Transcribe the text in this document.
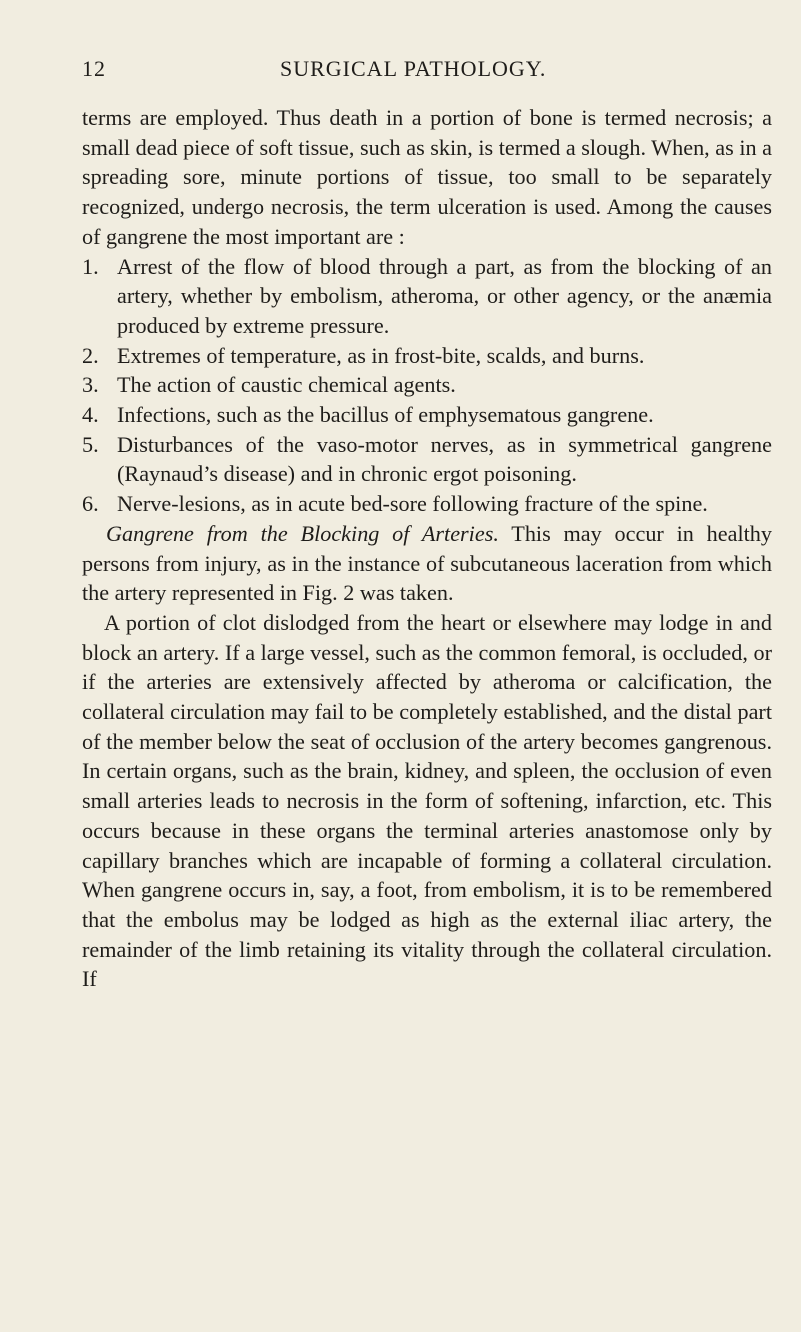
12	SURGICAL PATHOLOGY.

terms are employed. Thus death in a portion of bone is termed necrosis; a small dead piece of soft tissue, such as skin, is termed a slough. When, as in a spreading sore, minute portions of tissue, too small to be separately recognized, undergo necrosis, the term ulceration is used. Among the causes of gangrene the most important are :

1. Arrest of the flow of blood through a part, as from the blocking of an artery, whether by embolism, atheroma, or other agency, or the anæmia produced by extreme pressure.
2. Extremes of temperature, as in frost-bite, scalds, and burns.
3. The action of caustic chemical agents.
4. Infections, such as the bacillus of emphysematous gangrene.
5. Disturbances of the vaso-motor nerves, as in symmetrical gangrene (Raynaud’s disease) and in chronic ergot poisoning.
6. Nerve-lesions, as in acute bed-sore following fracture of the spine.

Gangrene from the Blocking of Arteries. This may occur in healthy persons from injury, as in the instance of subcutaneous laceration from which the artery represented in Fig. 2 was taken.

A portion of clot dislodged from the heart or elsewhere may lodge in and block an artery. If a large vessel, such as the common femoral, is occluded, or if the arteries are extensively affected by atheroma or calcification, the collateral circulation may fail to be completely established, and the distal part of the member below the seat of occlusion of the artery becomes gangrenous. In certain organs, such as the brain, kidney, and spleen, the occlusion of even small arteries leads to necrosis in the form of softening, infarction, etc. This occurs because in these organs the terminal arteries anastomose only by capillary branches which are incapable of forming a collateral circulation. When gangrene occurs in, say, a foot, from embolism, it is to be remembered that the embolus may be lodged as high as the external iliac artery, the remainder of the limb retaining its vitality through the collateral circulation. If
